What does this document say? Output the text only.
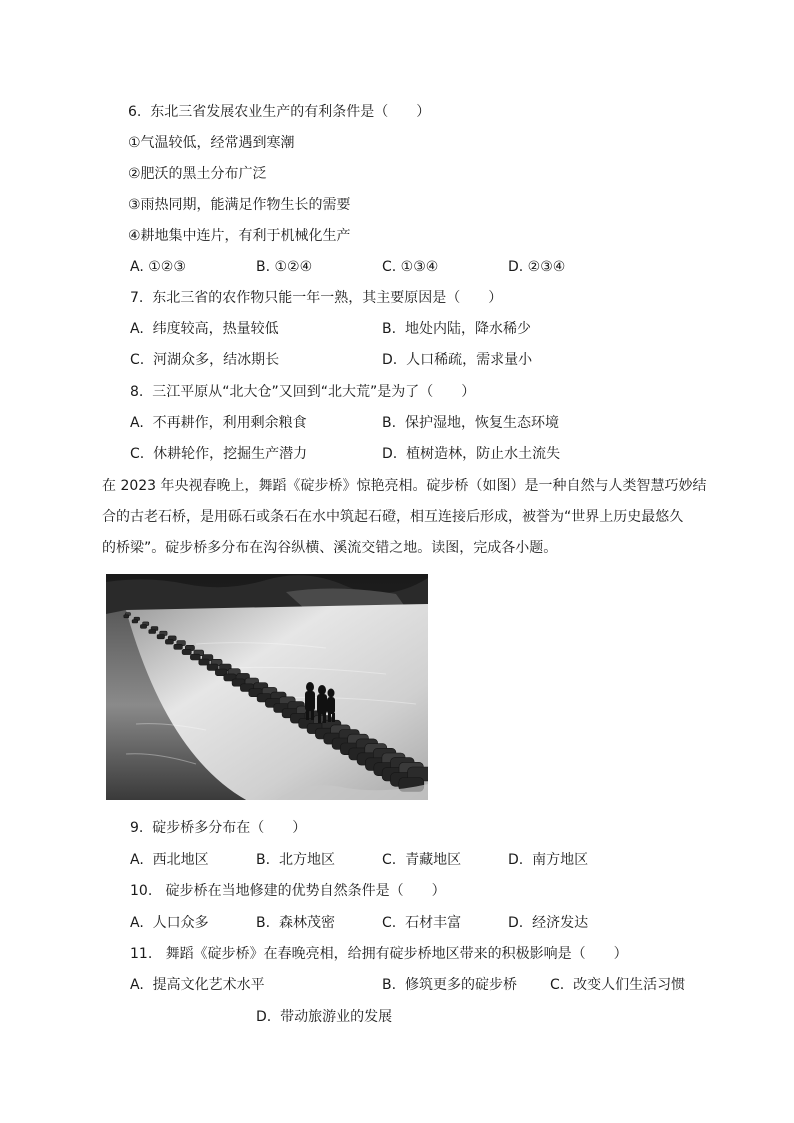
6.  东北三省发展农业生产的有利条件是（　　）
①气温较低，经常遇到寒潮
②肥沃的黑土分布广泛
③雨热同期，能满足作物生长的需要
④耕地集中连片，有利于机械化生产
A. ①②③	B. ①②④	C. ①③④	D. ②③④
7.  东北三省的农作物只能一年一熟，其主要原因是（　　）
A.  纬度较高，热量较低	B.  地处内陆，降水稀少
C.  河湖众多，结冰期长	D.  人口稀疏，需求量小
8.  三江平原从“北大仓”又回到“北大荒”是为了（　　）
A.  不再耕作，利用剩余粮食	B.  保护湿地，恢复生态环境
C.  休耕轮作，挖掘生产潜力	D.  植树造林，防止水土流失
在 2023 年央视春晚上，舞蹈《碇步桥》惊艳亮相。碇步桥（如图）是一种自然与人类智慧巧妙结
合的古老石桥，是用砾石或条石在水中筑起石磴，相互连接后形成，被誉为“世界上历史最悠久
的桥梁”。碇步桥多分布在沟谷纵横、溪流交错之地。读图，完成各小题。
9.  碇步桥多分布在（　　）
A.  西北地区	B.  北方地区	C.  青藏地区	D.  南方地区
10.   碇步桥在当地修建的优势自然条件是（　　）
A.  人口众多	B.  森林茂密	C.  石材丰富	D.  经济发达
11.   舞蹈《碇步桥》在春晚亮相，给拥有碇步桥地区带来的积极影响是（　　）
A.  提高文化艺术水平	B.  修筑更多的碇步桥 C.  改变人们生活习惯
D.  带动旅游业的发展
